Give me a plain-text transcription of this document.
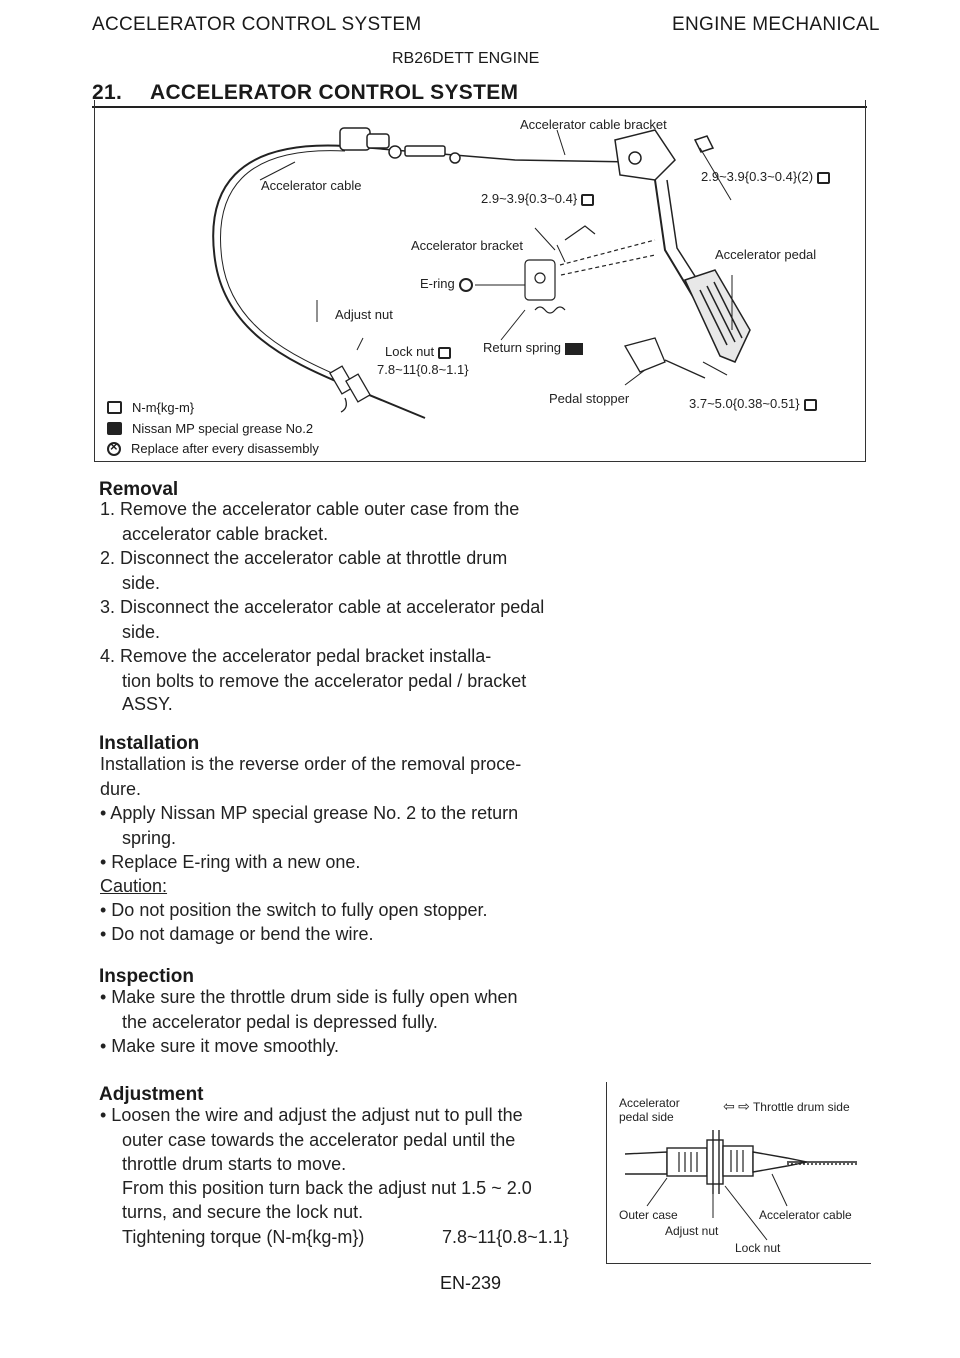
ACCELERATOR CONTROL SYSTEM	ENGINE MECHANICAL
RB26DETT ENGINE
21. ACCELERATOR CONTROL SYSTEM
Accelerator cable bracket
Accelerator cable
2.9~3.9{0.3~0.4}(2)
2.9~3.9{0.3~0.4}
Accelerator bracket
Accelerator pedal
E-ring
Adjust nut
Lock nut
7.8~11{0.8~1.1}
Return spring
Pedal stopper	3.7~5.0{0.38~0.51}
N-m{kg-m}
Nissan MP special grease No.2
×
Replace after every disassembly
Removal
1. Remove the accelerator cable outer case from the
accelerator cable bracket.
2. Disconnect the accelerator cable at throttle drum
side.
3. Disconnect the accelerator cable at accelerator pedal
side.
4. Remove the accelerator pedal bracket installa-
tion bolts to remove the accelerator pedal / bracket
ASSY.
Installation
Installation is the reverse order of the removal proce-
dure.
• Apply Nissan MP special grease No. 2 to the return
spring.
• Replace E-ring with a new one.
Caution:
• Do not position the switch to fully open stopper.
• Do not damage or bend the wire.
Inspection
• Make sure the throttle drum side is fully open when
the accelerator pedal is depressed fully.
• Make sure it move smoothly.
Adjustment
• Loosen the wire and adjust the adjust nut to pull the
outer case towards the accelerator pedal until the
throttle drum starts to move.
From this position turn back the adjust nut 1.5 ~ 2.0
turns, and secure the lock nut.
Tightening torque (N-m{kg-m})	7.8~11{0.8~1.1}
Accelerator
pedal side
⇦ ⇨ Throttle drum side
Outer case	Accelerator cable
Adjust nut
Lock nut
EN-239
